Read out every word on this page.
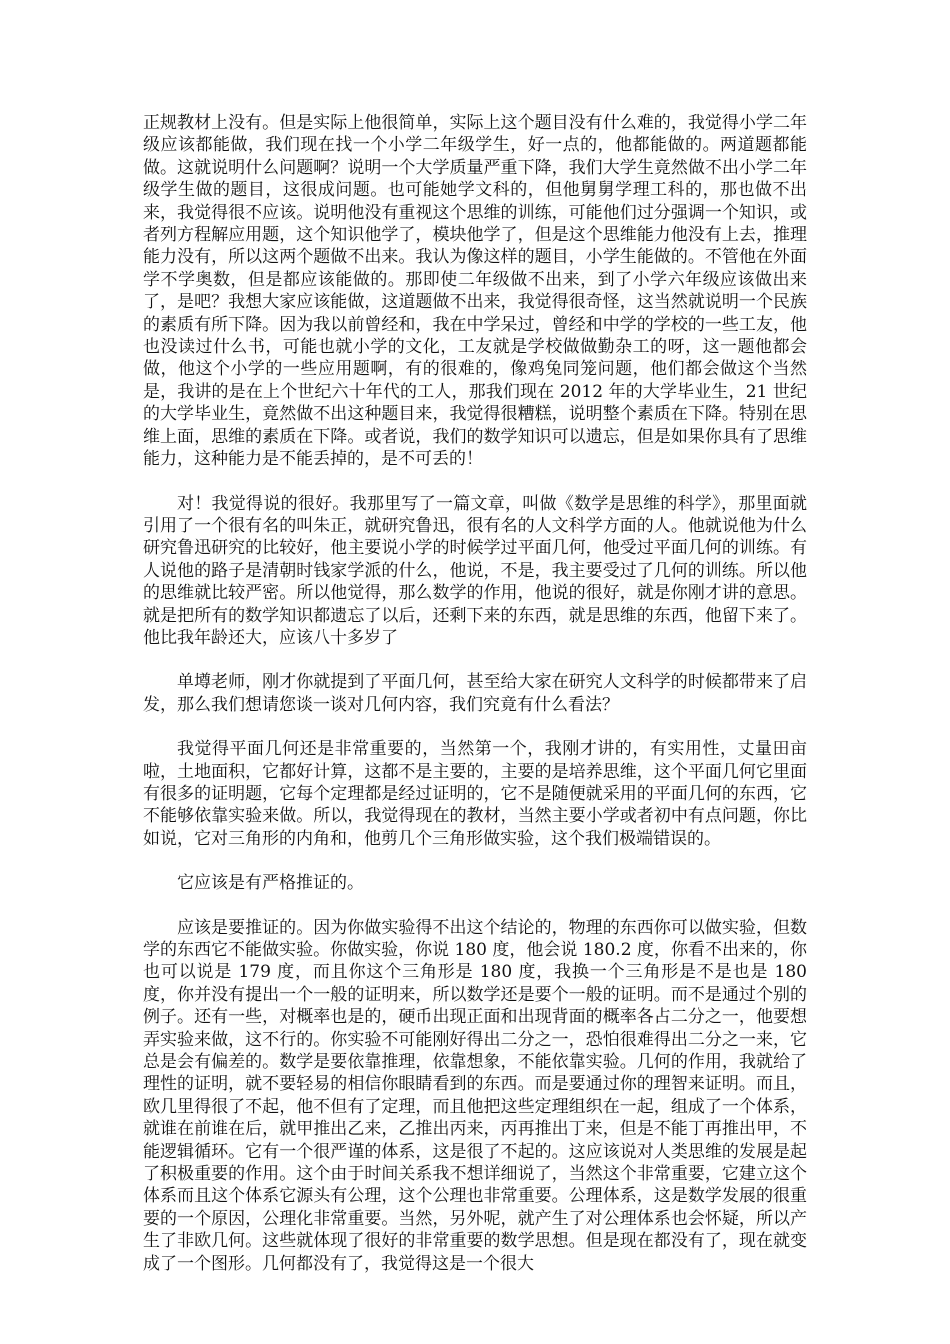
正规教材上没有。但是实际上他很简单，实际上这个题目没有什么难的，我觉得小学二年级应该都能做，我们现在找一个小学二年级学生，好一点的，他都能做的。两道题都能做。这就说明什么问题啊？说明一个大学质量严重下降，我们大学生竟然做不出小学二年级学生做的题目，这很成问题。也可能她学文科的，但他舅舅学理工科的，那也做不出来，我觉得很不应该。说明他没有重视这个思维的训练，可能他们过分强调一个知识，或者列方程解应用题，这个知识他学了，模块他学了，但是这个思维能力他没有上去，推理能力没有，所以这两个题做不出来。我认为像这样的题目，小学生能做的。不管他在外面学不学奥数，但是都应该能做的。那即使二年级做不出来，到了小学六年级应该做出来了，是吧？我想大家应该能做，这道题做不出来，我觉得很奇怪，这当然就说明一个民族的素质有所下降。因为我以前曾经和，我在中学呆过，曾经和中学的学校的一些工友，他也没读过什么书，可能也就小学的文化，工友就是学校做做勤杂工的呀，这一题他都会做，他这个小学的一些应用题啊，有的很难的，像鸡兔同笼问题，他们都会做这个当然是，我讲的是在上个世纪六十年代的工人，那我们现在 2012 年的大学毕业生，21 世纪的大学毕业生，竟然做不出这种题目来，我觉得很糟糕，说明整个素质在下降。特别在思维上面，思维的素质在下降。或者说，我们的数学知识可以遗忘，但是如果你具有了思维能力，这种能力是不能丢掉的，是不可丢的！

对！我觉得说的很好。我那里写了一篇文章，叫做《数学是思维的科学》，那里面就引用了一个很有名的叫朱正，就研究鲁迅，很有名的人文科学方面的人。他就说他为什么研究鲁迅研究的比较好，他主要说小学的时候学过平面几何，他受过平面几何的训练。有人说他的路子是清朝时钱家学派的什么，他说，不是，我主要受过了几何的训练。所以他的思维就比较严密。所以他觉得，那么数学的作用，他说的很好，就是你刚才讲的意思。就是把所有的数学知识都遗忘了以后，还剩下来的东西，就是思维的东西，他留下来了。他比我年龄还大，应该八十多岁了

单墫老师，刚才你就提到了平面几何，甚至给大家在研究人文科学的时候都带来了启发，那么我们想请您谈一谈对几何内容，我们究竟有什么看法？

我觉得平面几何还是非常重要的，当然第一个，我刚才讲的，有实用性，丈量田亩啦，土地面积，它都好计算，这都不是主要的，主要的是培养思维，这个平面几何它里面有很多的证明题，它每个定理都是经过证明的，它不是随便就采用的平面几何的东西，它不能够依靠实验来做。所以，我觉得现在的教材，当然主要小学或者初中有点问题，你比如说，它对三角形的内角和，他剪几个三角形做实验，这个我们极端错误的。

它应该是有严格推证的。

应该是要推证的。因为你做实验得不出这个结论的，物理的东西你可以做实验，但数学的东西它不能做实验。你做实验，你说 180 度，他会说 180.2 度，你看不出来的，你也可以说是 179 度，而且你这个三角形是 180 度，我换一个三角形是不是也是 180 度，你并没有提出一个一般的证明来，所以数学还是要个一般的证明。而不是通过个别的例子。还有一些，对概率也是的，硬币出现正面和出现背面的概率各占二分之一，他要想弄实验来做，这不行的。你实验不可能刚好得出二分之一，恐怕很难得出二分之一来，它总是会有偏差的。数学是要依靠推理，依靠想象，不能依靠实验。几何的作用，我就给了理性的证明，就不要轻易的相信你眼睛看到的东西。而是要通过你的理智来证明。而且，欧几里得很了不起，他不但有了定理，而且他把这些定理组织在一起，组成了一个体系，就谁在前谁在后，就甲推出乙来，乙推出丙来，丙再推出丁来，但是不能丁再推出甲，不能逻辑循环。它有一个很严谨的体系，这是很了不起的。这应该说对人类思维的发展是起了积极重要的作用。这个由于时间关系我不想详细说了，当然这个非常重要，它建立这个体系而且这个体系它源头有公理，这个公理也非常重要。公理体系，这是数学发展的很重要的一个原因，公理化非常重要。当然，另外呢，就产生了对公理体系也会怀疑，所以产生了非欧几何。这些就体现了很好的非常重要的数学思想。但是现在都没有了，现在就变成了一个图形。几何都没有了，我觉得这是一个很大
